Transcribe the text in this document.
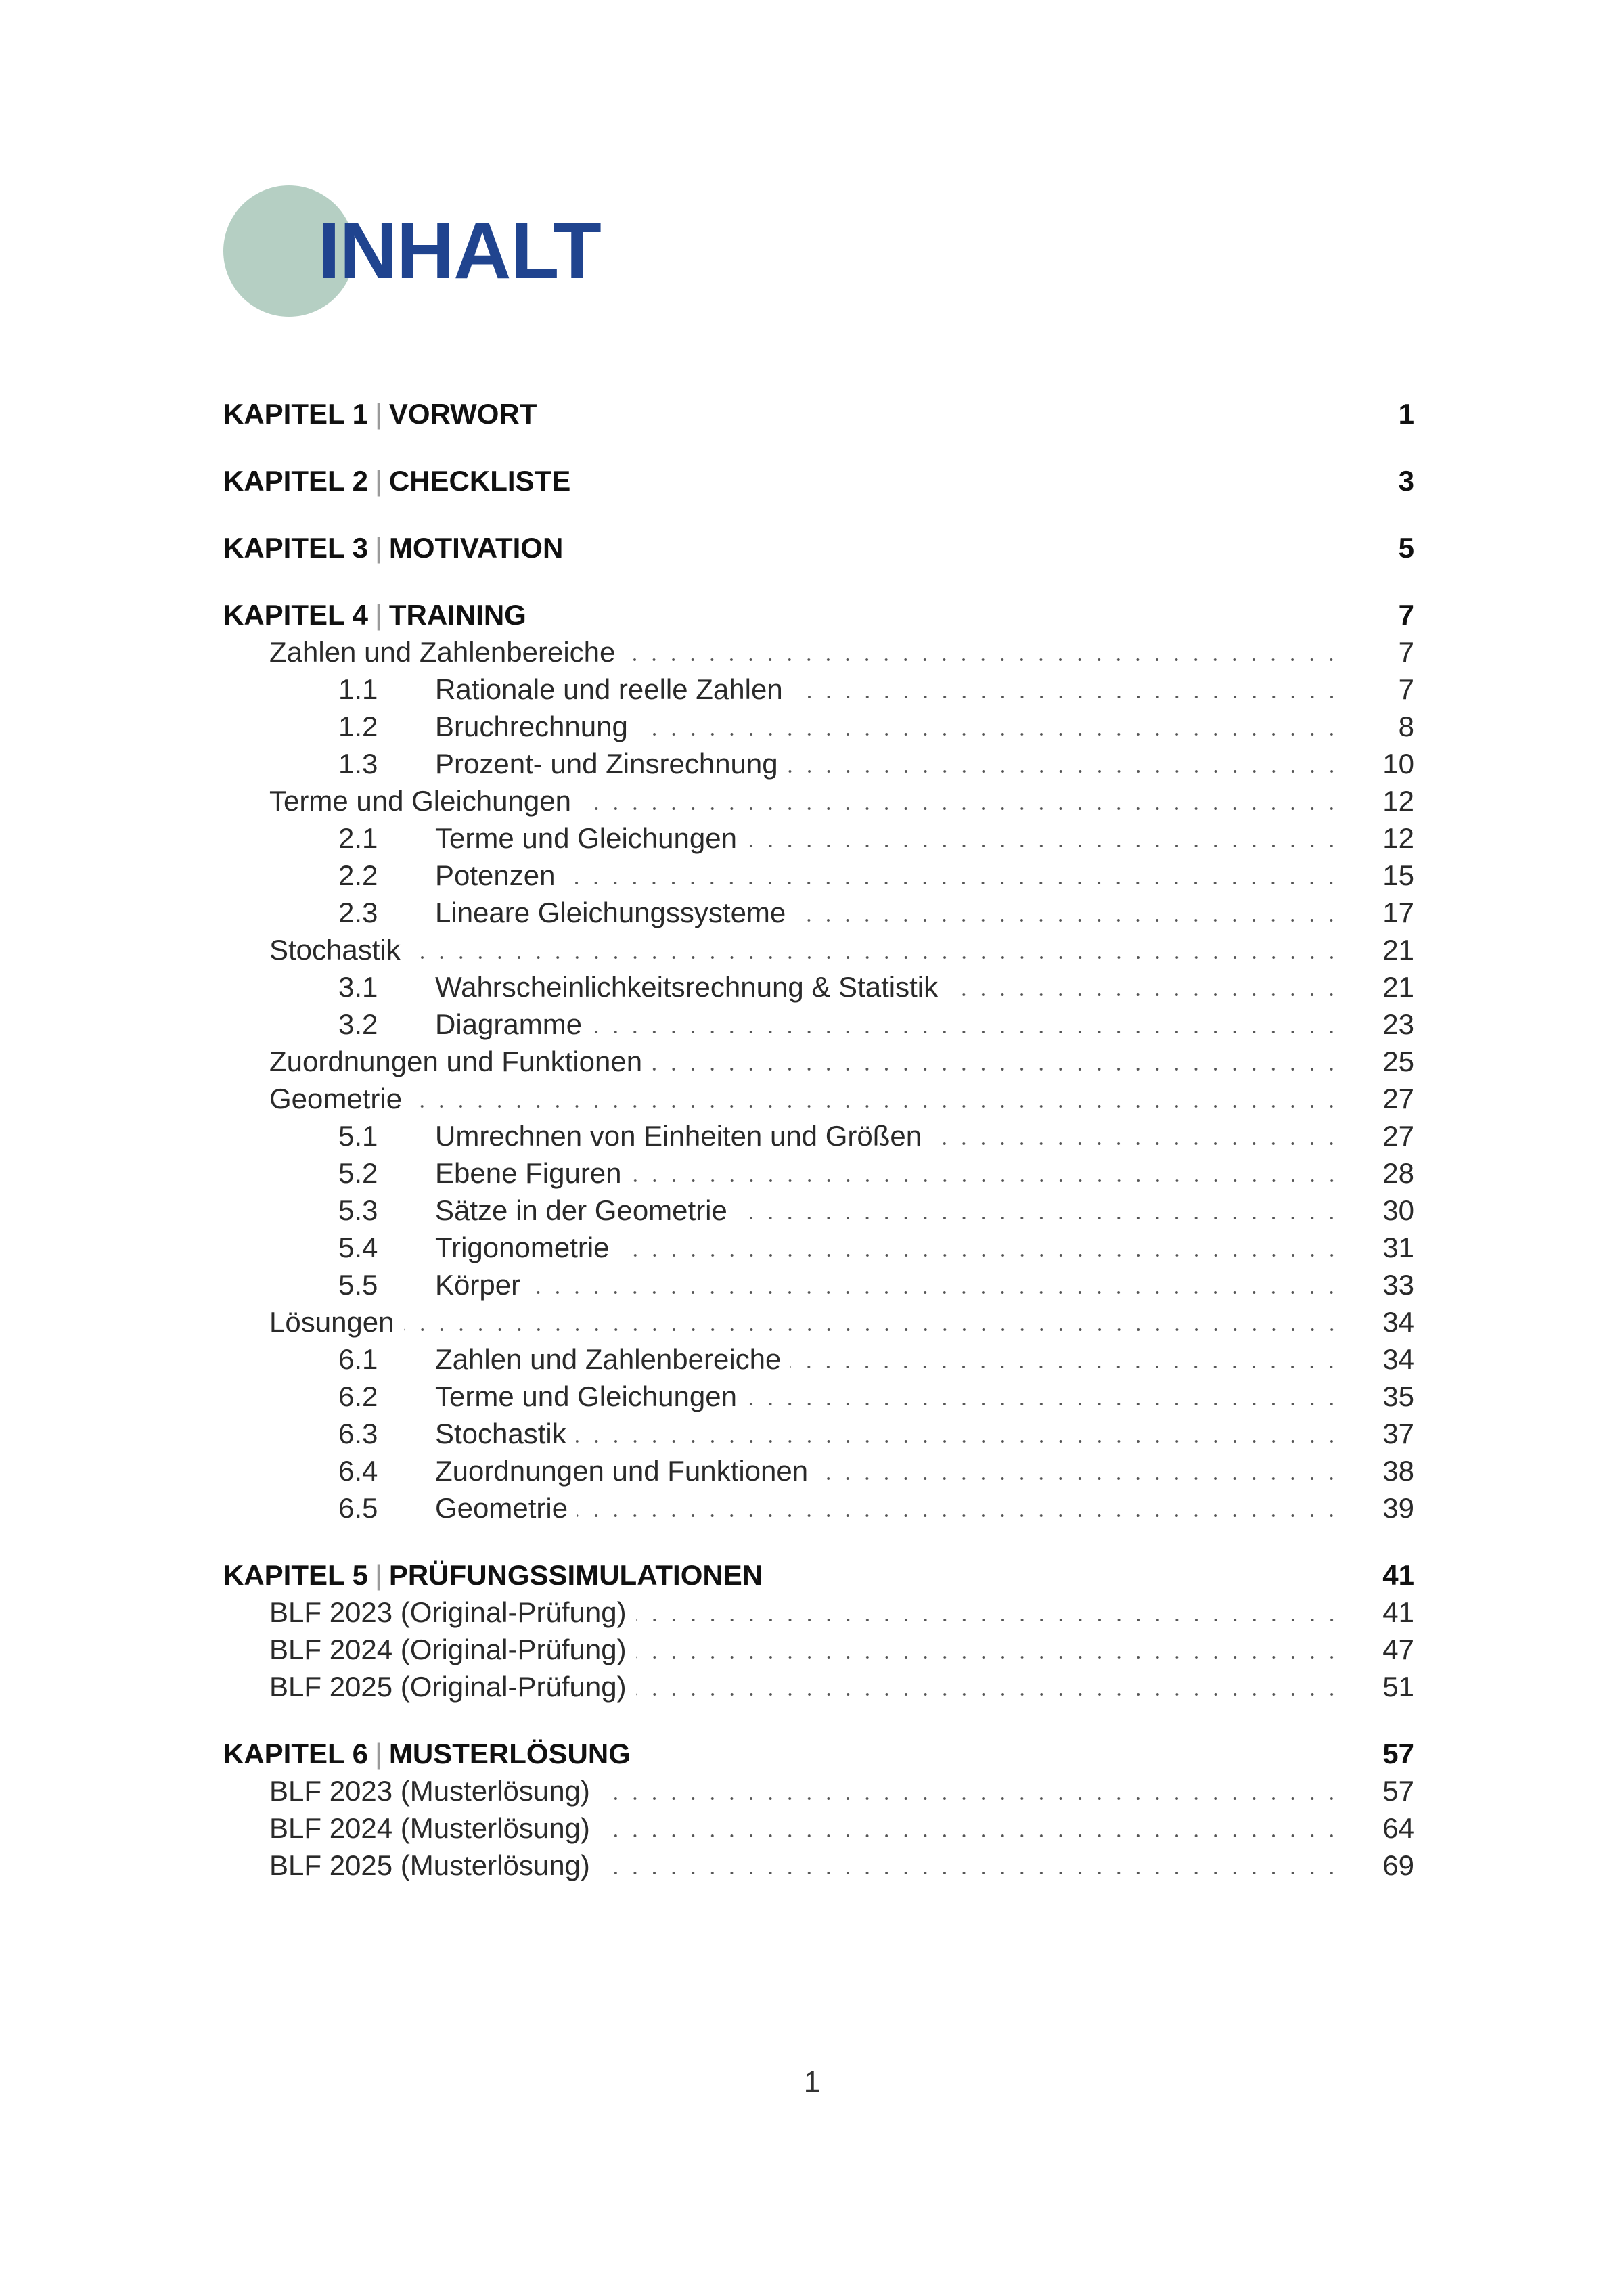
INHALT
KAPITEL 1 | VORWORT	1
KAPITEL 2 | CHECKLISTE	3
KAPITEL 3 | MOTIVATION	5
KAPITEL 4 | TRAINING	7
Zahlen und Zahlenbereiche	7
1.1 Rationale und reelle Zahlen	7
1.2 Bruchrechnung	8
1.3 Prozent- und Zinsrechnung	10
Terme und Gleichungen	12
2.1 Terme und Gleichungen	12
2.2 Potenzen	15
2.3 Lineare Gleichungssysteme	17
Stochastik	21
3.1 Wahrscheinlichkeitsrechnung & Statistik	21
3.2 Diagramme	23
Zuordnungen und Funktionen	25
Geometrie	27
5.1 Umrechnen von Einheiten und Größen	27
5.2 Ebene Figuren	28
5.3 Sätze in der Geometrie	30
5.4 Trigonometrie	31
5.5 Körper	33
Lösungen	34
6.1 Zahlen und Zahlenbereiche	34
6.2 Terme und Gleichungen	35
6.3 Stochastik	37
6.4 Zuordnungen und Funktionen	38
6.5 Geometrie	39
KAPITEL 5 | PRÜFUNGSSIMULATIONEN	41
BLF 2023 (Original-Prüfung)	41
BLF 2024 (Original-Prüfung)	47
BLF 2025 (Original-Prüfung)	51
KAPITEL 6 | MUSTERLÖSUNG	57
BLF 2023 (Musterlösung)	57
BLF 2024 (Musterlösung)	64
BLF 2025 (Musterlösung)	69
1
